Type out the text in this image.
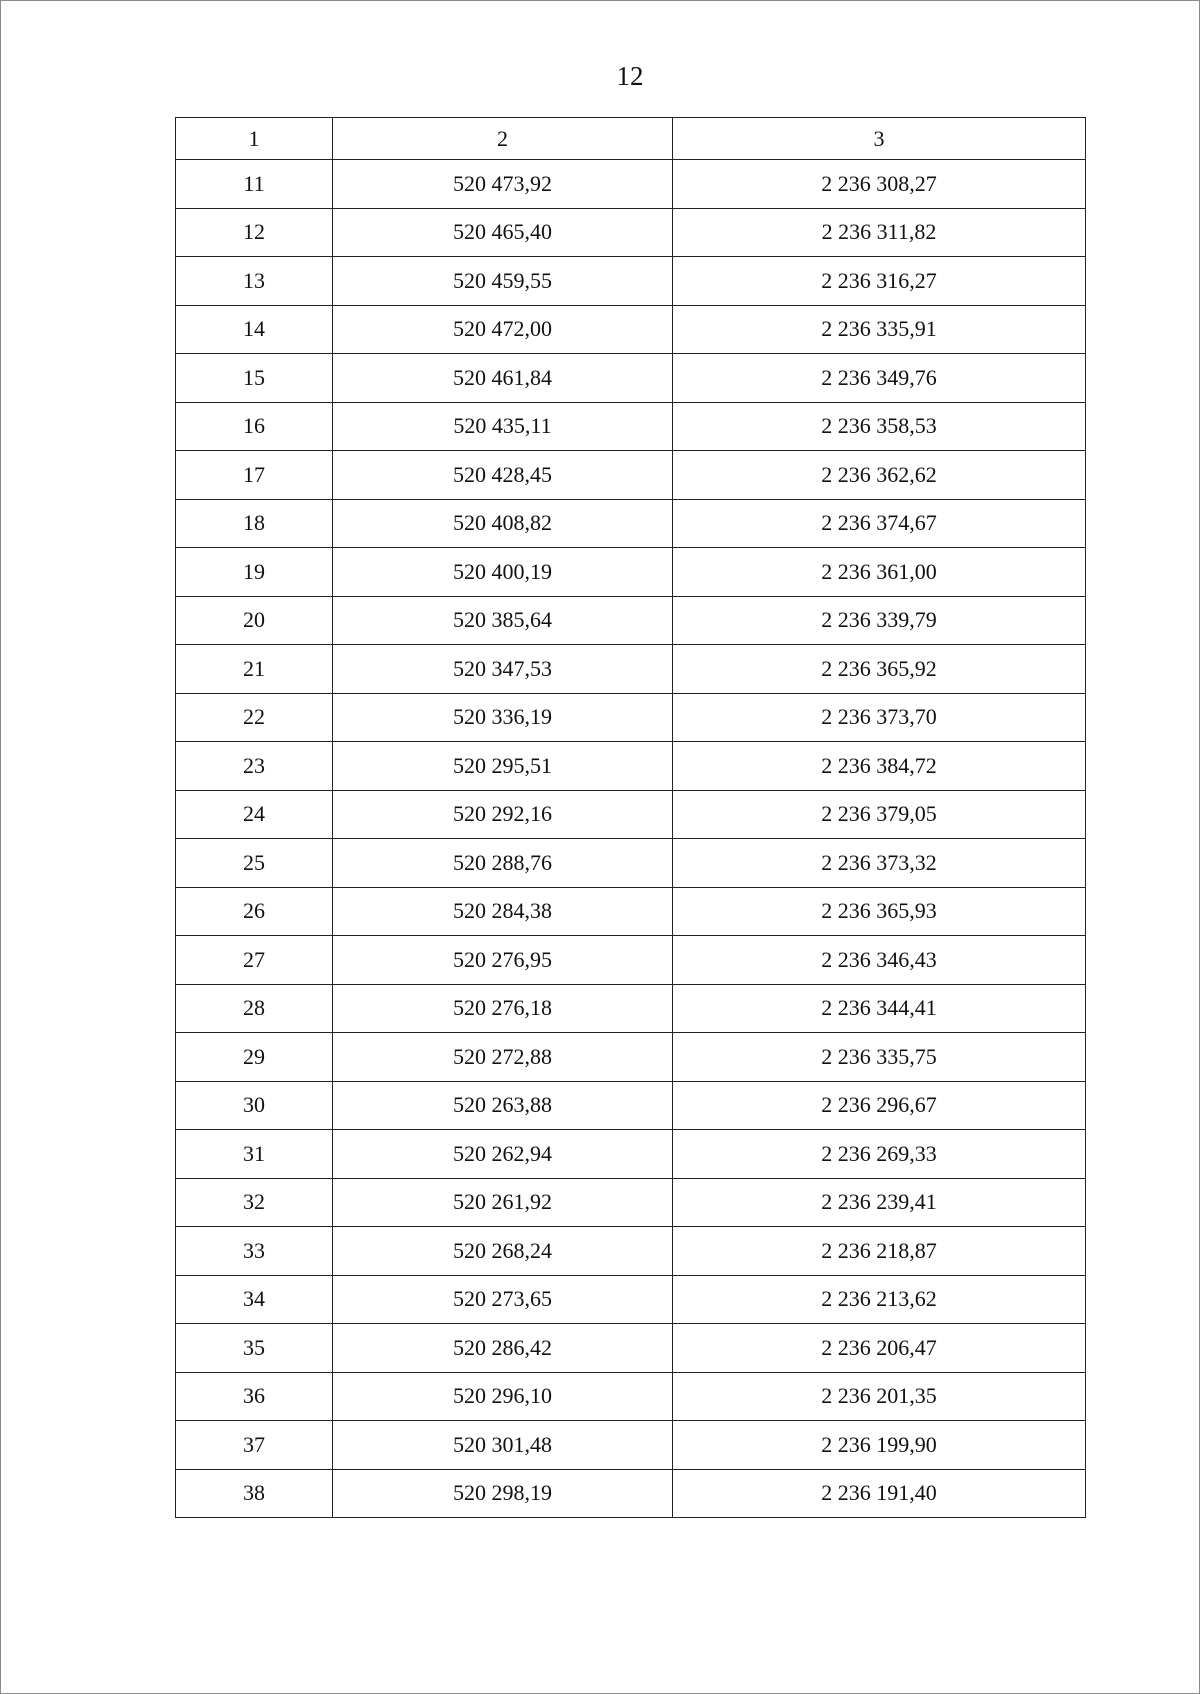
12
1	2	3
11	520 473,92	2 236 308,27
12	520 465,40	2 236 311,82
13	520 459,55	2 236 316,27
14	520 472,00	2 236 335,91
15	520 461,84	2 236 349,76
16	520 435,11	2 236 358,53
17	520 428,45	2 236 362,62
18	520 408,82	2 236 374,67
19	520 400,19	2 236 361,00
20	520 385,64	2 236 339,79
21	520 347,53	2 236 365,92
22	520 336,19	2 236 373,70
23	520 295,51	2 236 384,72
24	520 292,16	2 236 379,05
25	520 288,76	2 236 373,32
26	520 284,38	2 236 365,93
27	520 276,95	2 236 346,43
28	520 276,18	2 236 344,41
29	520 272,88	2 236 335,75
30	520 263,88	2 236 296,67
31	520 262,94	2 236 269,33
32	520 261,92	2 236 239,41
33	520 268,24	2 236 218,87
34	520 273,65	2 236 213,62
35	520 286,42	2 236 206,47
36	520 296,10	2 236 201,35
37	520 301,48	2 236 199,90
38	520 298,19	2 236 191,40
